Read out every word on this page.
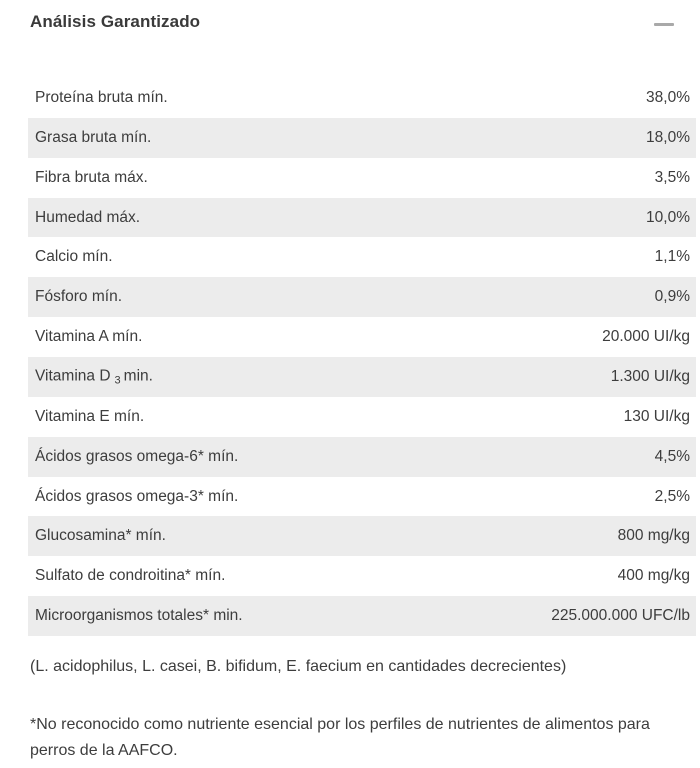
Análisis Garantizado
Proteína bruta mín.	38,0%
Grasa bruta mín.	18,0%
Fibra bruta máx.	3,5%
Humedad máx.	10,0%
Calcio mín.	1,1%
Fósforo mín.	0,9%
Vitamina A mín.	20.000 UI/kg
Vitamina D $_3$ min.	1.300 UI/kg
Vitamina E mín.	130 UI/kg
Ácidos grasos omega-6* mín.	4,5%
Ácidos grasos omega-3* mín.	2,5%
Glucosamina* mín.	800 mg/kg
Sulfato de condroitina* mín.	400 mg/kg
Microorganismos totales* min.	225.000.000 UFC/lb
(L. acidophilus, L. casei, B. bifidum, E. faecium en cantidades decrecientes)
*No reconocido como nutriente esencial por los perfiles de nutrientes de alimentos para perros de la AAFCO.
